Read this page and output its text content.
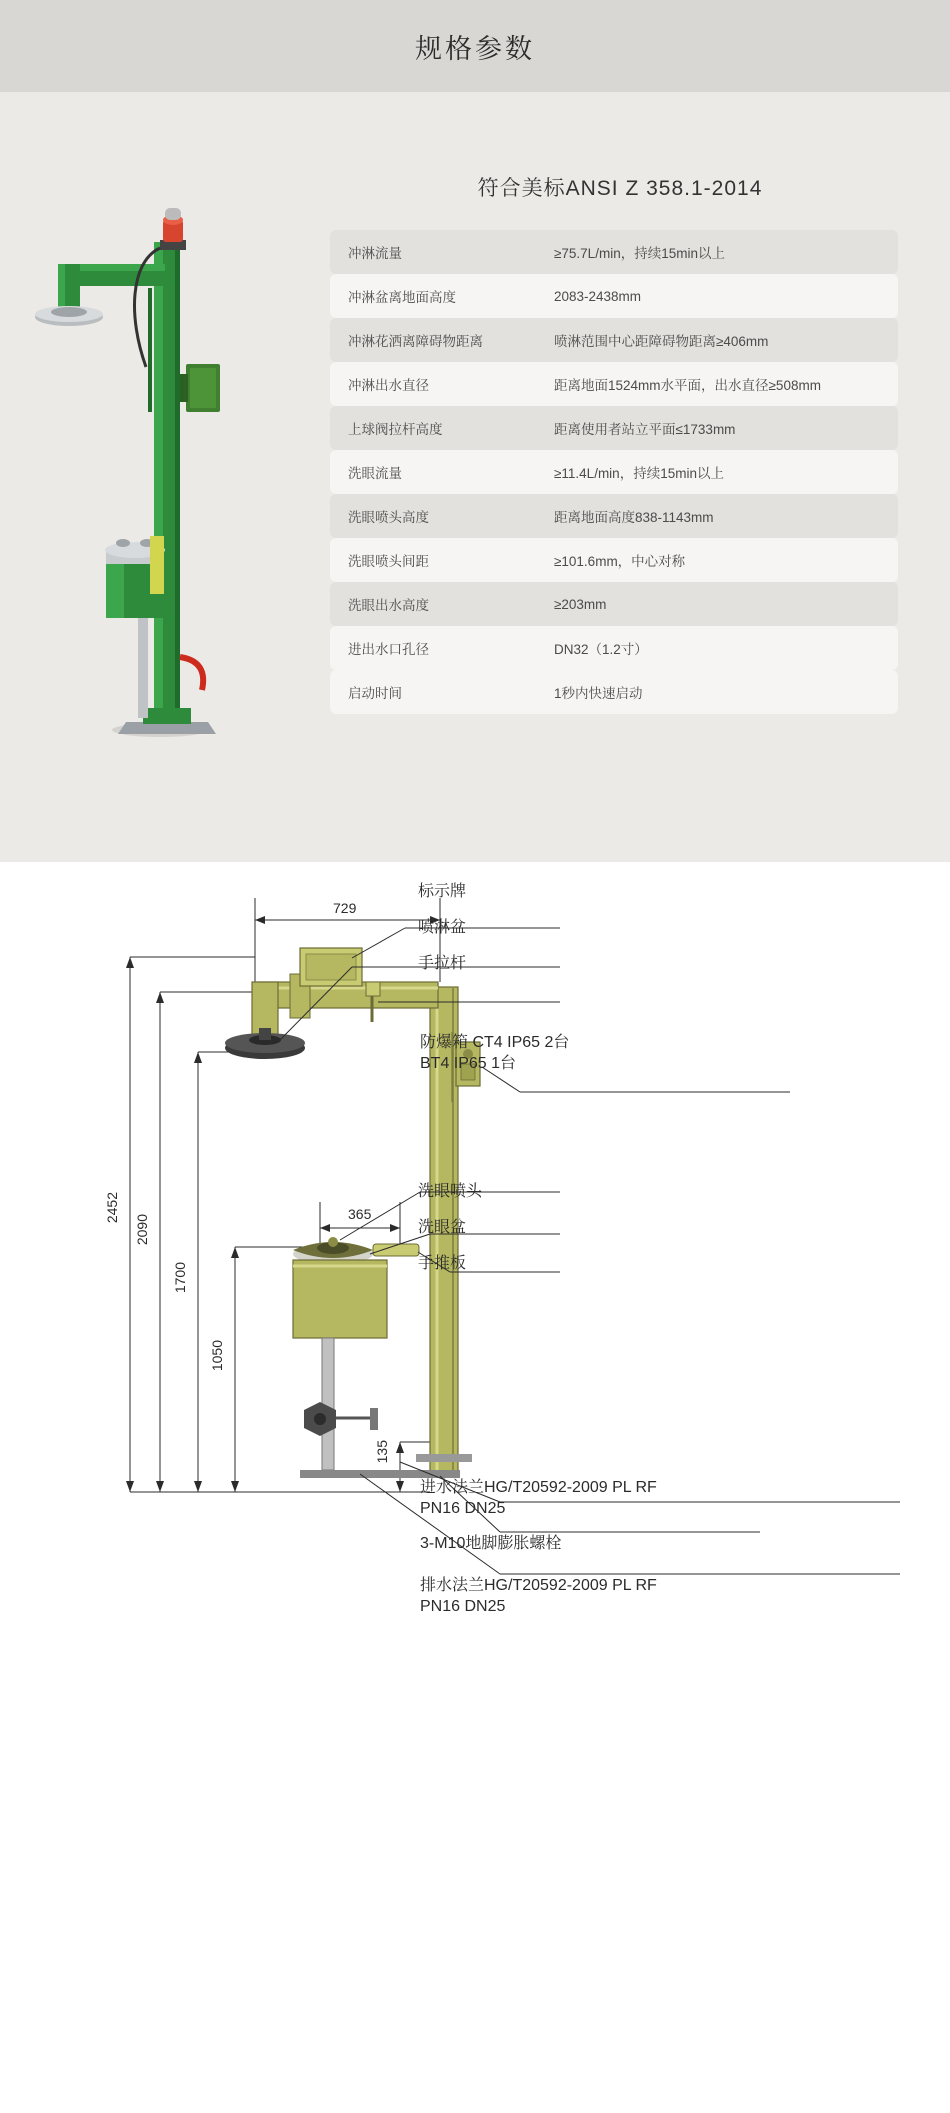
规格参数
符合美标ANSI Z 358.1-2014
冲淋流量	≥75.7L/min，持续15min以上
冲淋盆离地面高度	2083-2438mm
冲淋花洒离障碍物距离	喷淋范围中心距障碍物距离≥406mm
冲淋出水直径	距离地面1524mm水平面，出水直径≥508mm
上球阀拉杆高度	距离使用者站立平面≤1733mm
洗眼流量	≥11.4L/min，持续15min以上
洗眼喷头高度	距离地面高度838-1143mm
洗眼喷头间距	≥101.6mm，中心对称
洗眼出水高度	≥203mm
进出水口孔径	DN32（1.2寸）
启动时间	1秒内快速启动
729
365
2452
2090
1700
1050
135
标示牌
喷淋盆
手拉杆
防爆箱 CT4 IP65 2台
BT4 IP65 1台
洗眼喷头
洗眼盆
手推板
进水法兰HG/T20592-2009 PL RF
PN16 DN25
3-M10地脚膨胀螺栓
排水法兰HG/T20592-2009 PL RF
PN16 DN25
